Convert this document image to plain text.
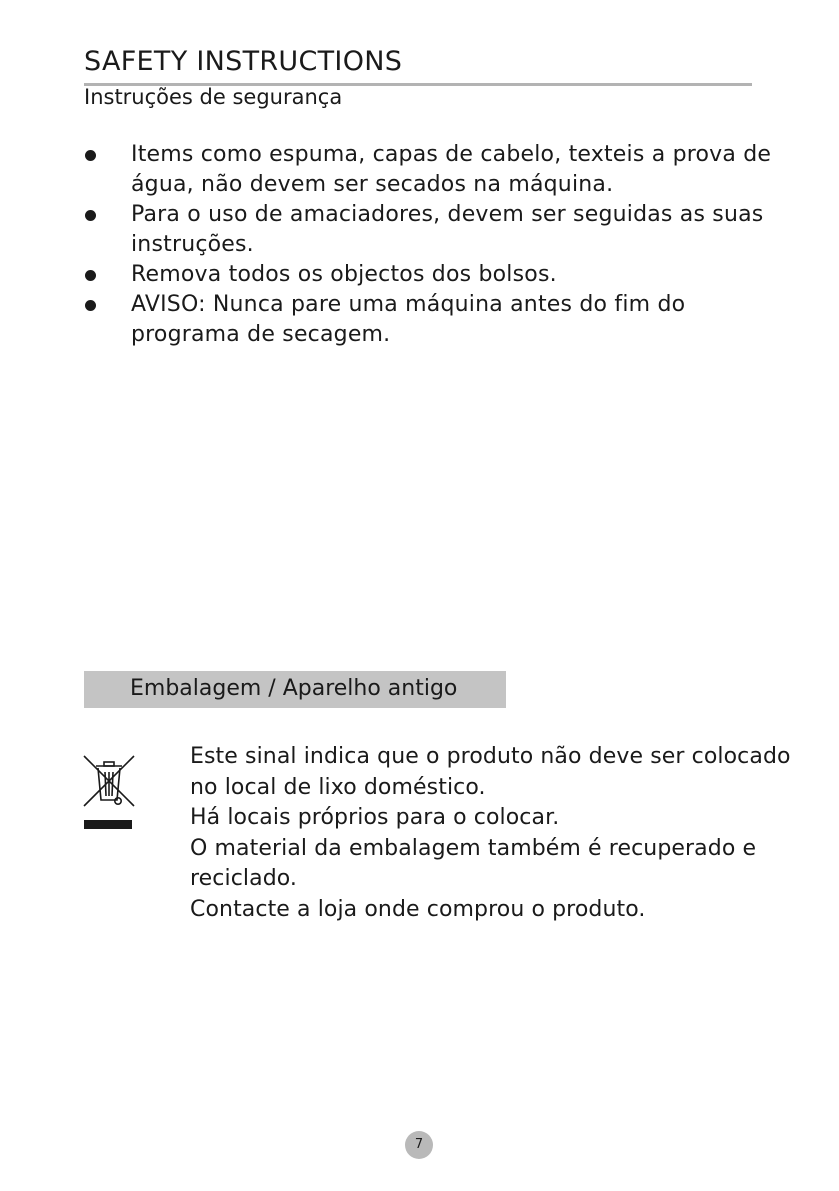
SAFETY INSTRUCTIONS
Instruções de segurança
Items como espuma, capas de cabelo, texteis a prova de água, não devem ser secados na máquina.
Para o uso de amaciadores, devem ser seguidas as suas instruções.
Remova todos os objectos dos bolsos.
AVISO: Nunca pare uma máquina antes do fim do programa de secagem.
Embalagem / Aparelho antigo
Este sinal indica que o produto não deve ser colocado
no local de lixo doméstico.
Há locais próprios para o colocar.
O material da embalagem também é recuperado e
reciclado.
Contacte a loja onde comprou o produto.
7
